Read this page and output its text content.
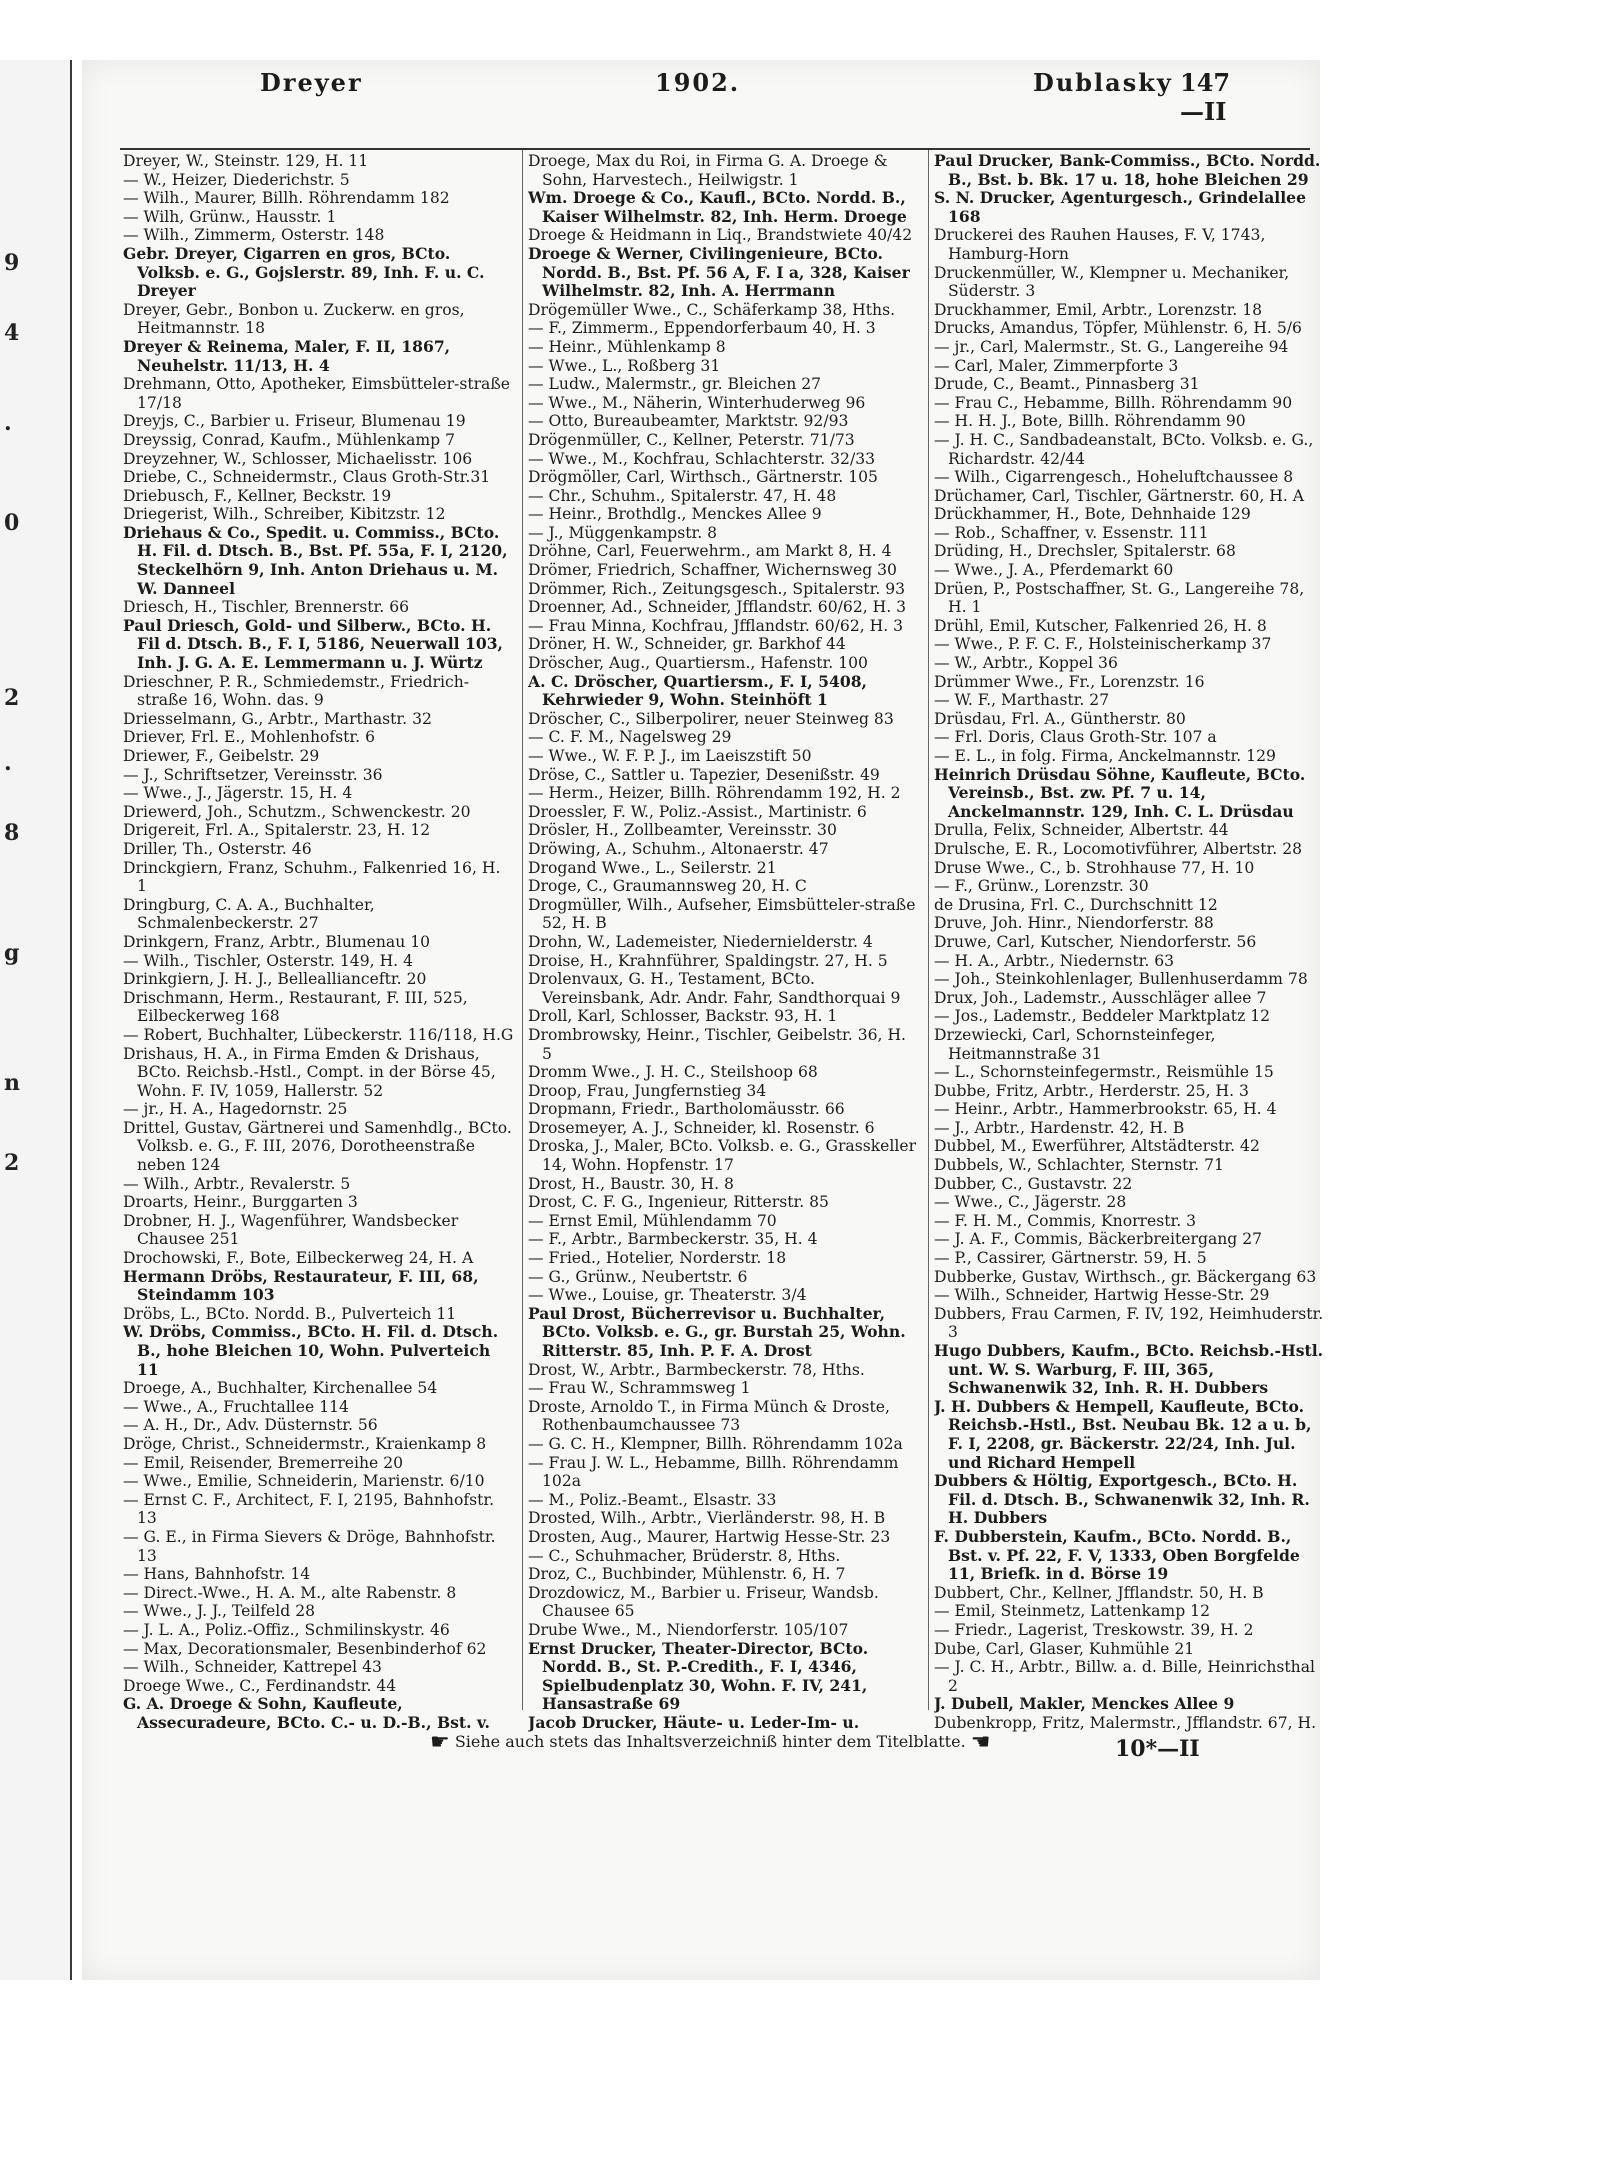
9
4
.
0
2
.
8
g
n
2
Dreyer	1902.	Dublasky 147—II
Dreyer, W., Steinstr. 129, H. 11
— W., Heizer, Diederichstr. 5
— Wilh., Maurer, Billh. Röhrendamm 182
— Wilh, Grünw., Hausstr. 1
— Wilh., Zimmerm, Osterstr. 148
Gebr. Dreyer, Cigarren en gros, BCto. Volksb. e. G., Gojslerstr. 89, Inh. F. u. C. Dreyer
Dreyer, Gebr., Bonbon u. Zuckerw. en gros, Heitmannstr. 18
Dreyer & Reinema, Maler, F. II, 1867, Neuhelstr. 11/13, H. 4
Drehmann, Otto, Apotheker, Eimsbütteler-straße 17/18
Dreyjs, C., Barbier u. Friseur, Blumenau 19
Dreyssig, Conrad, Kaufm., Mühlenkamp 7
Dreyzehner, W., Schlosser, Michaelisstr. 106
Driebe, C., Schneidermstr., Claus Groth-Str.31
Driebusch, F., Kellner, Beckstr. 19
Driegerist, Wilh., Schreiber, Kibitzstr. 12
Driehaus & Co., Spedit. u. Commiss., BCto. H. Fil. d. Dtsch. B., Bst. Pf. 55a, F. I, 2120, Steckelhörn 9, Inh. Anton Driehaus u. M. W. Danneel
Driesch, H., Tischler, Brennerstr. 66
Paul Driesch, Gold- und Silberw., BCto. H. Fil d. Dtsch. B., F. I, 5186, Neuerwall 103, Inh. J. G. A. E. Lemmermann u. J. Würtz
Drieschner, P. R., Schmiedemstr., Friedrich-straße 16, Wohn. das. 9
Driesselmann, G., Arbtr., Marthastr. 32
Driever, Frl. E., Mohlenhofstr. 6
Driewer, F., Geibelstr. 29
— J., Schriftsetzer, Vereinsstr. 36
— Wwe., J., Jägerstr. 15, H. 4
Driewerd, Joh., Schutzm., Schwenckestr. 20
Drigereit, Frl. A., Spitalerstr. 23, H. 12
Driller, Th., Osterstr. 46
Drinckgiern, Franz, Schuhm., Falkenried 16, H. 1
Dringburg, C. A. A., Buchhalter, Schmalenbeckerstr. 27
Drinkgern, Franz, Arbtr., Blumenau 10
— Wilh., Tischler, Osterstr. 149, H. 4
Drinkgiern, J. H. J., Belleallianceftr. 20
Drischmann, Herm., Restaurant, F. III, 525, Eilbeckerweg 168
— Robert, Buchhalter, Lübeckerstr. 116/118, H.G
Drishaus, H. A., in Firma Emden & Drishaus, BCto. Reichsb.-Hstl., Compt. in der Börse 45, Wohn. F. IV, 1059, Hallerstr. 52
— jr., H. A., Hagedornstr. 25
Drittel, Gustav, Gärtnerei und Samenhdlg., BCto. Volksb. e. G., F. III, 2076, Dorotheenstraße neben 124
— Wilh., Arbtr., Revalerstr. 5
Droarts, Heinr., Burggarten 3
Drobner, H. J., Wagenführer, Wandsbecker Chausee 251
Drochowski, F., Bote, Eilbeckerweg 24, H. A
Hermann Dröbs, Restaurateur, F. III, 68, Steindamm 103
Dröbs, L., BCto. Nordd. B., Pulverteich 11
W. Dröbs, Commiss., BCto. H. Fil. d. Dtsch. B., hohe Bleichen 10, Wohn. Pulverteich 11
Droege, A., Buchhalter, Kirchenallee 54
— Wwe., A., Fruchtallee 114
— A. H., Dr., Adv. Düsternstr. 56
Dröge, Christ., Schneidermstr., Kraienkamp 8
— Emil, Reisender, Bremerreihe 20
— Wwe., Emilie, Schneiderin, Marienstr. 6/10
— Ernst C. F., Architect, F. I, 2195, Bahnhofstr. 13
— G. E., in Firma Sievers & Dröge, Bahnhofstr. 13
— Hans, Bahnhofstr. 14
— Direct.-Wwe., H. A. M., alte Rabenstr. 8
— Wwe., J. J., Teilfeld 28
— J. L. A., Poliz.-Offiz., Schmilinskystr. 46
— Max, Decorationsmaler, Besenbinderhof 62
— Wilh., Schneider, Kattrepel 43
Droege Wwe., C., Ferdinandstr. 44
G. A. Droege & Sohn, Kaufleute, Assecuradeure, BCto. C.- u. D.-B., Bst. v.
Droege, Max du Roi, in Firma G. A. Droege & Sohn, Harvestech., Heilwigstr. 1
Wm. Droege & Co., Kaufl., BCto. Nordd. B., Kaiser Wilhelmstr. 82, Inh. Herm. Droege
Droege & Heidmann in Liq., Brandstwiete 40/42
Droege & Werner, Civilingenieure, BCto. Nordd. B., Bst. Pf. 56 A, F. I a, 328, Kaiser Wilhelmstr. 82, Inh. A. Herrmann
Drögemüller Wwe., C., Schäferkamp 38, Hths.
— F., Zimmerm., Eppendorferbaum 40, H. 3
— Heinr., Mühlenkamp 8
— Wwe., L., Roßberg 31
— Ludw., Malermstr., gr. Bleichen 27
— Wwe., M., Näherin, Winterhuderweg 96
— Otto, Bureaubeamter, Marktstr. 92/93
Drögenmüller, C., Kellner, Peterstr. 71/73
— Wwe., M., Kochfrau, Schlachterstr. 32/33
Drögmöller, Carl, Wirthsch., Gärtnerstr. 105
— Chr., Schuhm., Spitalerstr. 47, H. 48
— Heinr., Brothdlg., Menckes Allee 9
— J., Müggenkampstr. 8
Dröhne, Carl, Feuerwehrm., am Markt 8, H. 4
Drömer, Friedrich, Schaffner, Wichernsweg 30
Drömmer, Rich., Zeitungsgesch., Spitalerstr. 93
Droenner, Ad., Schneider, Jfflandstr. 60/62, H. 3
— Frau Minna, Kochfrau, Jfflandstr. 60/62, H. 3
Dröner, H. W., Schneider, gr. Barkhof 44
Dröscher, Aug., Quartiersm., Hafenstr. 100
A. C. Dröscher, Quartiersm., F. I, 5408, Kehrwieder 9, Wohn. Steinhöft 1
Dröscher, C., Silberpolirer, neuer Steinweg 83
— C. F. M., Nagelsweg 29
— Wwe., W. F. P. J., im Laeiszstift 50
Dröse, C., Sattler u. Tapezier, Desenißstr. 49
— Herm., Heizer, Billh. Röhrendamm 192, H. 2
Droessler, F. W., Poliz.-Assist., Martinistr. 6
Drösler, H., Zollbeamter, Vereinsstr. 30
Dröwing, A., Schuhm., Altonaerstr. 47
Drogand Wwe., L., Seilerstr. 21
Droge, C., Graumannsweg 20, H. C
Drogmüller, Wilh., Aufseher, Eimsbütteler-straße 52, H. B
Drohn, W., Lademeister, Niedernielderstr. 4
Droise, H., Krahnführer, Spaldingstr. 27, H. 5
Drolenvaux, G. H., Testament, BCto. Vereinsbank, Adr. Andr. Fahr, Sandthorquai 9
Droll, Karl, Schlosser, Backstr. 93, H. 1
Drombrowsky, Heinr., Tischler, Geibelstr. 36, H. 5
Dromm Wwe., J. H. C., Steilshoop 68
Droop, Frau, Jungfernstieg 34
Dropmann, Friedr., Bartholomäusstr. 66
Drosemeyer, A. J., Schneider, kl. Rosenstr. 6
Droska, J., Maler, BCto. Volksb. e. G., Grasskeller 14, Wohn. Hopfenstr. 17
Drost, H., Baustr. 30, H. 8
Drost, C. F. G., Ingenieur, Ritterstr. 85
— Ernst Emil, Mühlendamm 70
— F., Arbtr., Barmbeckerstr. 35, H. 4
— Fried., Hotelier, Norderstr. 18
— G., Grünw., Neubertstr. 6
— Wwe., Louise, gr. Theaterstr. 3/4
Paul Drost, Bücherrevisor u. Buchhalter, BCto. Volksb. e. G., gr. Burstah 25, Wohn. Ritterstr. 85, Inh. P. F. A. Drost
Drost, W., Arbtr., Barmbeckerstr. 78, Hths.
— Frau W., Schrammsweg 1
Droste, Arnoldo T., in Firma Münch & Droste, Rothenbaumchaussee 73
— G. C. H., Klempner, Billh. Röhrendamm 102a
— Frau J. W. L., Hebamme, Billh. Röhrendamm 102a
— M., Poliz.-Beamt., Elsastr. 33
Drosted, Wilh., Arbtr., Vierländerstr. 98, H. B
Drosten, Aug., Maurer, Hartwig Hesse-Str. 23
— C., Schuhmacher, Brüderstr. 8, Hths.
Droz, C., Buchbinder, Mühlenstr. 6, H. 7
Drozdowicz, M., Barbier u. Friseur, Wandsb. Chausee 65
Drube Wwe., M., Niendorferstr. 105/107
Ernst Drucker, Theater-Director, BCto. Nordd. B., St. P.-Credith., F. I, 4346, Spielbudenplatz 30, Wohn. F. IV, 241, Hansastraße 69
Jacob Drucker, Häute- u. Leder-Im- u.
Paul Drucker, Bank-Commiss., BCto. Nordd. B., Bst. b. Bk. 17 u. 18, hohe Bleichen 29
S. N. Drucker, Agenturgesch., Grindelallee 168
Druckerei des Rauhen Hauses, F. V, 1743, Hamburg-Horn
Druckenmüller, W., Klempner u. Mechaniker, Süderstr. 3
Druckhammer, Emil, Arbtr., Lorenzstr. 18
Drucks, Amandus, Töpfer, Mühlenstr. 6, H. 5/6
— jr., Carl, Malermstr., St. G., Langereihe 94
— Carl, Maler, Zimmerpforte 3
Drude, C., Beamt., Pinnasberg 31
— Frau C., Hebamme, Billh. Röhrendamm 90
— H. H. J., Bote, Billh. Röhrendamm 90
— J. H. C., Sandbadeanstalt, BCto. Volksb. e. G., Richardstr. 42/44
— Wilh., Cigarrengesch., Hoheluftchaussee 8
Drüchamer, Carl, Tischler, Gärtnerstr. 60, H. A
Drückhammer, H., Bote, Dehnhaide 129
— Rob., Schaffner, v. Essenstr. 111
Drüding, H., Drechsler, Spitalerstr. 68
— Wwe., J. A., Pferdemarkt 60
Drüen, P., Postschaffner, St. G., Langereihe 78, H. 1
Drühl, Emil, Kutscher, Falkenried 26, H. 8
— Wwe., P. F. C. F., Holsteinischerkamp 37
— W., Arbtr., Koppel 36
Drümmer Wwe., Fr., Lorenzstr. 16
— W. F., Marthastr. 27
Drüsdau, Frl. A., Güntherstr. 80
— Frl. Doris, Claus Groth-Str. 107 a
— E. L., in folg. Firma, Anckelmannstr. 129
Heinrich Drüsdau Söhne, Kaufleute, BCto. Vereinsb., Bst. zw. Pf. 7 u. 14, Anckelmannstr. 129, Inh. C. L. Drüsdau
Drulla, Felix, Schneider, Albertstr. 44
Drulsche, E. R., Locomotivführer, Albertstr. 28
Druse Wwe., C., b. Strohhause 77, H. 10
— F., Grünw., Lorenzstr. 30
de Drusina, Frl. C., Durchschnitt 12
Druve, Joh. Hinr., Niendorferstr. 88
Druwe, Carl, Kutscher, Niendorferstr. 56
— H. A., Arbtr., Niedernstr. 63
— Joh., Steinkohlenlager, Bullenhuserdamm 78
Drux, Joh., Lademstr., Ausschläger allee 7
— Jos., Lademstr., Beddeler Marktplatz 12
Drzewiecki, Carl, Schornsteinfeger, Heitmannstraße 31
— L., Schornsteinfegermstr., Reismühle 15
Dubbe, Fritz, Arbtr., Herderstr. 25, H. 3
— Heinr., Arbtr., Hammerbrookstr. 65, H. 4
— J., Arbtr., Hardenstr. 42, H. B
Dubbel, M., Ewerführer, Altstädterstr. 42
Dubbels, W., Schlachter, Sternstr. 71
Dubber, C., Gustavstr. 22
— Wwe., C., Jägerstr. 28
— F. H. M., Commis, Knorrestr. 3
— J. A. F., Commis, Bäckerbreitergang 27
— P., Cassirer, Gärtnerstr. 59, H. 5
Dubberke, Gustav, Wirthsch., gr. Bäckergang 63
— Wilh., Schneider, Hartwig Hesse-Str. 29
Dubbers, Frau Carmen, F. IV, 192, Heimhuderstr. 3
Hugo Dubbers, Kaufm., BCto. Reichsb.-Hstl. unt. W. S. Warburg, F. III, 365, Schwanenwik 32, Inh. R. H. Dubbers
J. H. Dubbers & Hempell, Kaufleute, BCto. Reichsb.-Hstl., Bst. Neubau Bk. 12 a u. b, F. I, 2208, gr. Bäckerstr. 22/24, Inh. Jul. und Richard Hempell
Dubbers & Höltig, Exportgesch., BCto. H. Fil. d. Dtsch. B., Schwanenwik 32, Inh. R. H. Dubbers
F. Dubberstein, Kaufm., BCto. Nordd. B., Bst. v. Pf. 22, F. V, 1333, Oben Borgfelde 11, Briefk. in d. Börse 19
Dubbert, Chr., Kellner, Jfflandstr. 50, H. B
— Emil, Steinmetz, Lattenkamp 12
— Friedr., Lagerist, Treskowstr. 39, H. 2
Dube, Carl, Glaser, Kuhmühle 21
— J. C. H., Arbtr., Billw. a. d. Bille, Heinrichsthal 2
J. Dubell, Makler, Menckes Allee 9
Dubenkropp, Fritz, Malermstr., Jfflandstr. 67, H.
☛ Siehe auch stets das Inhaltsverzeichniß hinter dem Titelblatte. ☚	10*—II
